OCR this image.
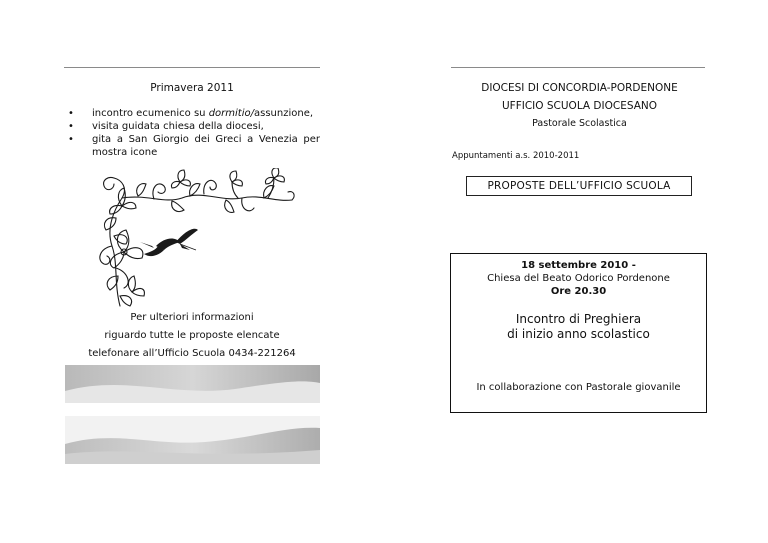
Primavera 2011
• incontro ecumenico su dormitio/assunzione,
• visita guidata chiesa della diocesi,
• gita a San Giorgio dei Greci a Venezia per mostra icone
Per ulteriori informazioni
riguardo tutte le proposte elencate
telefonare all’Ufficio Scuola 0434-221264
DIOCESI DI CONCORDIA-PORDENONE
UFFICIO SCUOLA DIOCESANO
Pastorale Scolastica
Appuntamenti a.s. 2010-2011
PROPOSTE DELL’UFFICIO SCUOLA
18 settembre 2010 -
Chiesa del Beato Odorico Pordenone
Ore 20.30
Incontro di Preghiera
di inizio anno scolastico
In collaborazione con Pastorale giovanile
